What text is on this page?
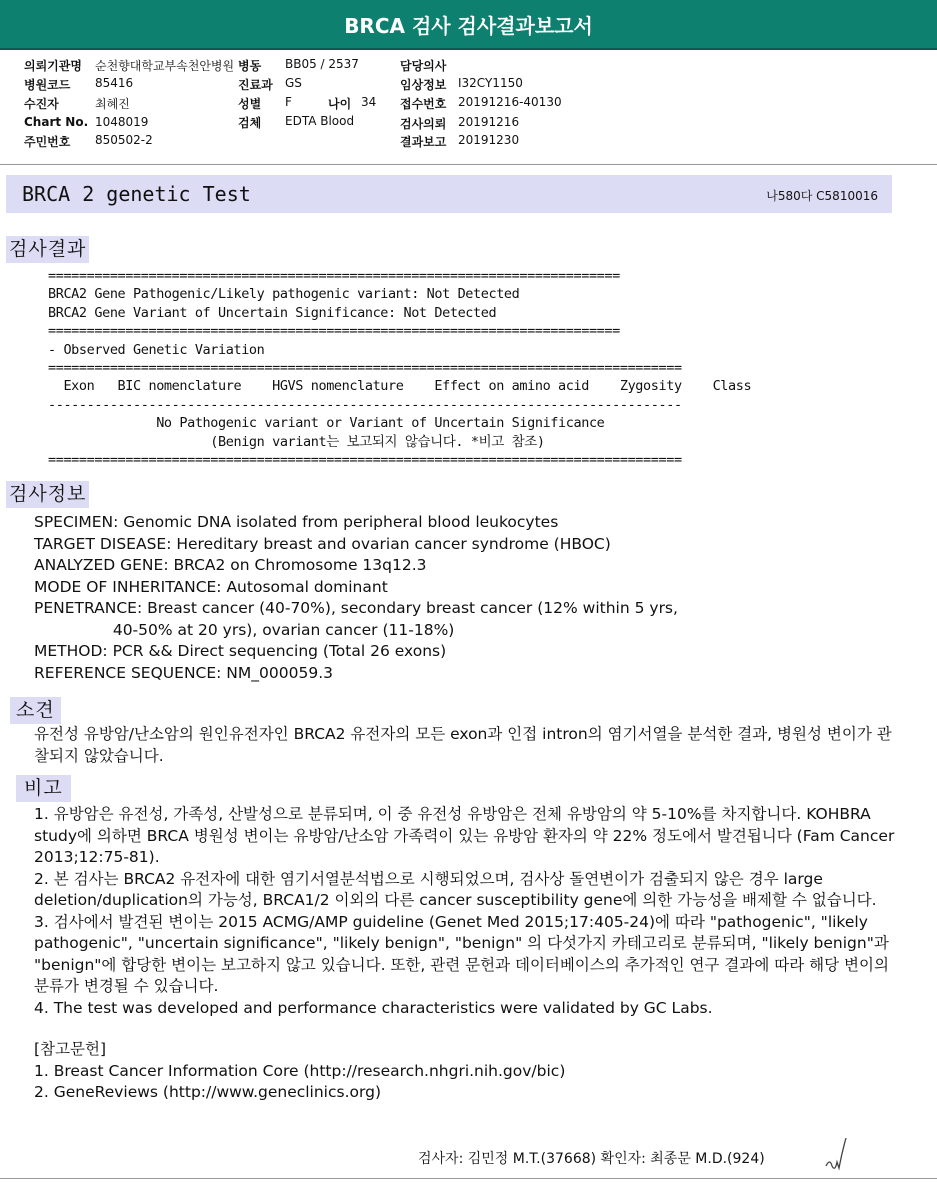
BRCA 검사 검사결과보고서
의뢰기관명 순천향대학교부속천안병원 병동 BB05 / 2537	담당의사
병원코드 85416	진료과 GS	임상정보 I32CY1150
수진자	최혜진	성별 F	나이 34 접수번호 20191216-40130
Chart No. 1048019	검체 EDTA Blood	검사의뢰 20191216
주민번호 850502-2	결과보고 20191230
BRCA 2 genetic Test	나580다 C5810016
검사결과
==========================================================================
BRCA2 Gene Pathogenic/Likely pathogenic variant: Not Detected
BRCA2 Gene Variant of Uncertain Significance: Not Detected
==========================================================================
- Observed Genetic Variation
==================================================================================
Exon   BIC nomenclature    HGVS nomenclature    Effect on amino acid    Zygosity    Class
----------------------------------------------------------------------------------
No Pathogenic variant or Variant of Uncertain Significance
(Benign variant는 보고되지 않습니다. *비고 참조)
==================================================================================
검사정보
SPECIMEN: Genomic DNA isolated from peripheral blood leukocytes
TARGET DISEASE: Hereditary breast and ovarian cancer syndrome (HBOC)
ANALYZED GENE: BRCA2 on Chromosome 13q12.3
MODE OF INHERITANCE: Autosomal dominant
PENETRANCE: Breast cancer (40-70%), secondary breast cancer (12% within 5 yrs,
40-50% at 20 yrs), ovarian cancer (11-18%)
METHOD: PCR && Direct sequencing (Total 26 exons)
REFERENCE SEQUENCE: NM_000059.3
소견
유전성 유방암/난소암의 원인유전자인 BRCA2 유전자의 모든 exon과 인접 intron의 염기서열을 분석한 결과, 병원성 변이가 관찰되지 않았습니다.
비고
1. 유방암은 유전성, 가족성, 산발성으로 분류되며, 이 중 유전성 유방암은 전체 유방암의 약 5-10%를 차지합니다. KOHBRA study에 의하면 BRCA 병원성 변이는 유방암/난소암 가족력이 있는 유방암 환자의 약 22% 정도에서 발견됩니다 (Fam Cancer 2013;12:75-81).
2. 본 검사는 BRCA2 유전자에 대한 염기서열분석법으로 시행되었으며, 검사상 돌연변이가 검출되지 않은 경우 large deletion/duplication의 가능성, BRCA1/2 이외의 다른 cancer susceptibility gene에 의한 가능성을 배제할 수 없습니다.
3. 검사에서 발견된 변이는 2015 ACMG/AMP guideline (Genet Med 2015;17:405-24)에 따라 "pathogenic", "likely pathogenic", "uncertain significance", "likely benign", "benign" 의 다섯가지 카테고리로 분류되며, "likely benign"과 "benign"에 합당한 변이는 보고하지 않고 있습니다. 또한, 관련 문헌과 데이터베이스의 추가적인 연구 결과에 따라 해당 변이의 분류가 변경될 수 있습니다.
4. The test was developed and performance characteristics were validated by GC Labs.
[참고문헌]
1. Breast Cancer Information Core (http://research.nhgri.nih.gov/bic)
2. GeneReviews (http://www.geneclinics.org)
검사자: 김민정 M.T.(37668) 확인자: 최종문 M.D.(924)
